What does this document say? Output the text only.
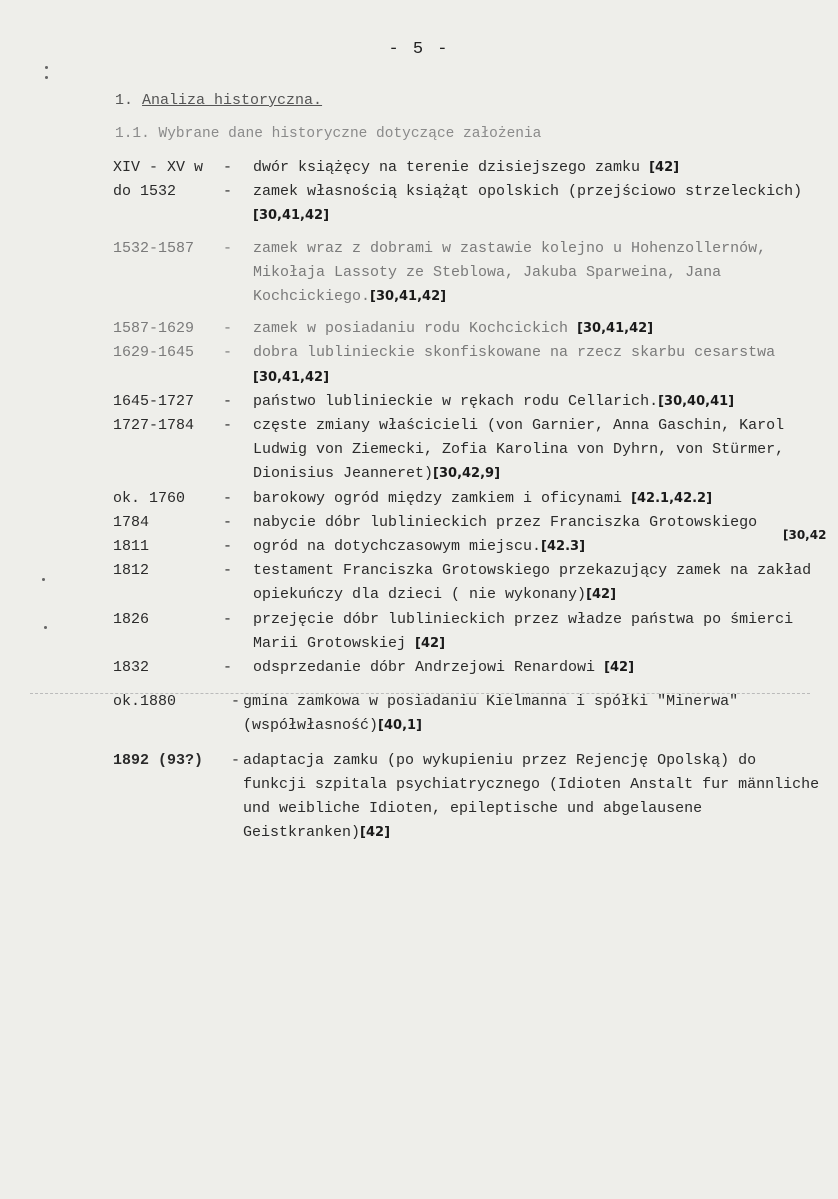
- 5 -
1. Analiza historyczna.
1.1. Wybrane dane historyczne dotyczące założenia
XIV - XV w	-	dwór książęcy na terenie dzisiejszego zamku [42]
do 1532	-	zamek własnością książąt opolskich (przejściowo strzeleckich) [30,41,42]
1532-1587	-	zamek wraz z dobrami w zastawie kolejno u Hohenzollernów, Mikołaja Lassoty ze Steblowa, Jakuba Sparweina, Jana Kochcickiego.[30,41,42]
1587-1629	-	zamek w posiadaniu rodu Kochcickich [30,41,42]
1629-1645	-	dobra lublinieckie skonfiskowane na rzecz skarbu cesarstwa [30,41,42]
1645-1727	-	państwo lublinieckie w rękach rodu Cellarich.[30,40,41]
1727-1784	-	częste zmiany właścicieli (von Garnier, Anna Gaschin, Karol Ludwig von Ziemecki, Zofia Karolina von Dyhrn, von Stürmer, Dionisius Jeanneret)[30,42,9]
ok. 1760	-	barokowy ogród między zamkiem i oficynami [42.1,42.2]
1784	-	nabycie dóbr lublinieckich przez Franciszka Grotowskiego
1811	-	ogród na dotychczasowym miejscu.[42.3]
1812	-	testament Franciszka Grotowskiego przekazujący zamek na zakład opiekuńczy dla dzieci ( nie wykonany)[42]
1826	-	przejęcie dóbr lublinieckich przez władze państwa po śmierci Marii Grotowskiej [42]
1832	-	odsprzedanie dóbr Andrzejowi Renardowi [42]
ok.1880	- gmina zamkowa w posiadaniu Kielmanna i spółki "Minerwa" (współwłasność)[40,1]
1892 (93?)	- adaptacja zamku (po wykupieniu przez Rejencję Opolską) do funkcji szpitala psychiatrycznego (Idioten Anstalt fur männliche und weibliche Idioten, epileptische und abgelausene Geistkranken)[42]
[30,42
